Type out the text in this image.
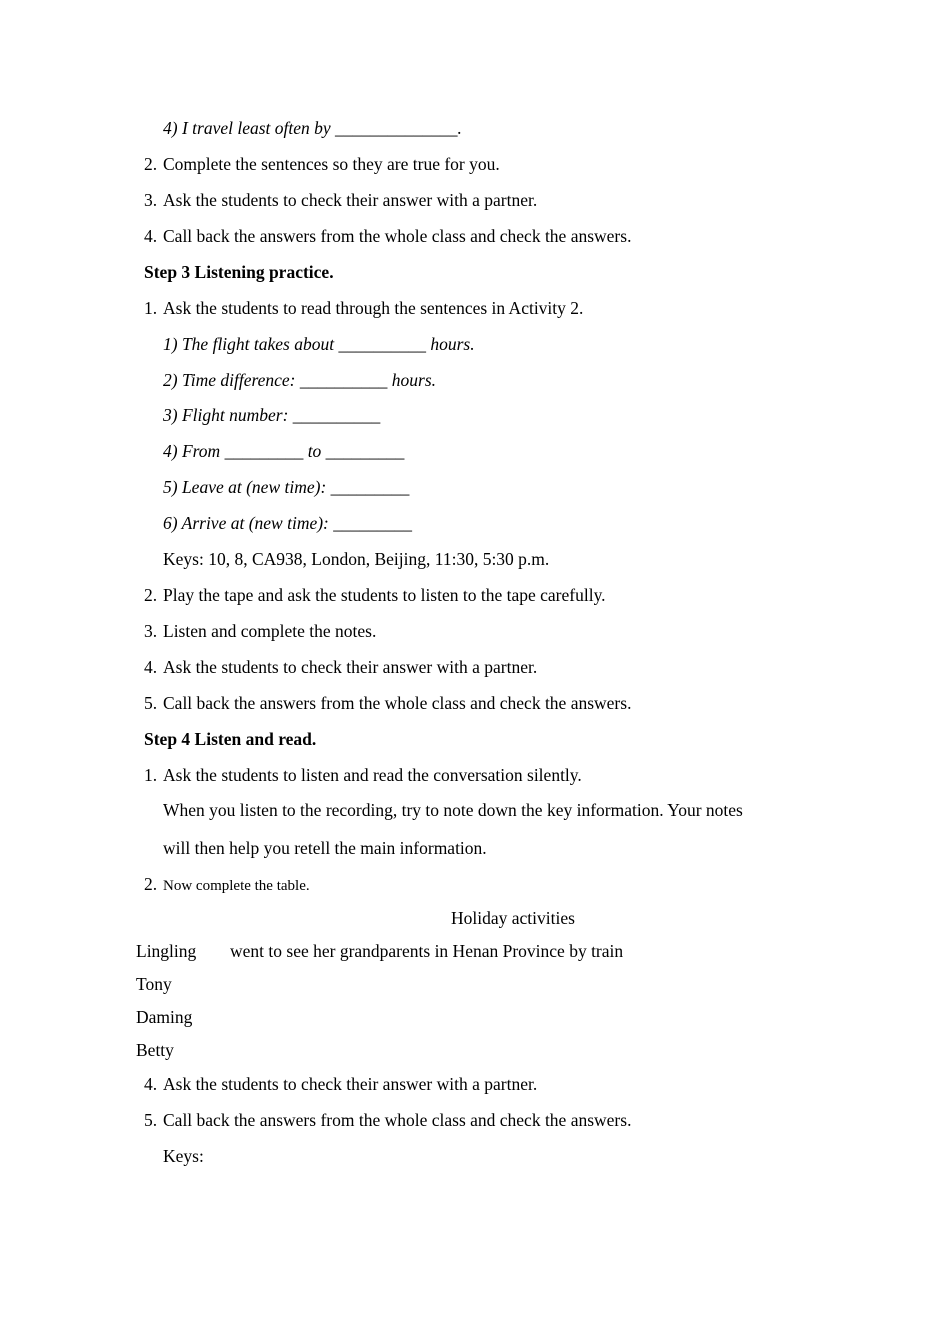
4) I travel least often by ______________.
2. Complete the sentences so they are true for you.
3. Ask the students to check their answer with a partner.
4. Call back the answers from the whole class and check the answers.
Step 3 Listening practice.
1. Ask the students to read through the sentences in Activity 2.
1) The flight takes about __________ hours.
2) Time difference: __________ hours.
3) Flight number: __________
4) From _________ to _________
5) Leave at (new time): _________
6) Arrive at (new time): _________
Keys: 10, 8, CA938, London, Beijing, 11:30, 5:30 p.m.
2. Play the tape and ask the students to listen to the tape carefully.
3. Listen and complete the notes.
4. Ask the students to check their answer with a partner.
5. Call back the answers from the whole class and check the answers.
Step 4 Listen and read.
1. Ask the students to listen and read the conversation silently.
When you listen to the recording, try to note down the key information. Your notes
will then help you retell the main information.
2. Now complete the table.
Holiday activities
Lingling went to see her grandparents in Henan Province by train
Tony
Daming
Betty
4. Ask the students to check their answer with a partner.
5. Call back the answers from the whole class and check the answers.
Keys:
